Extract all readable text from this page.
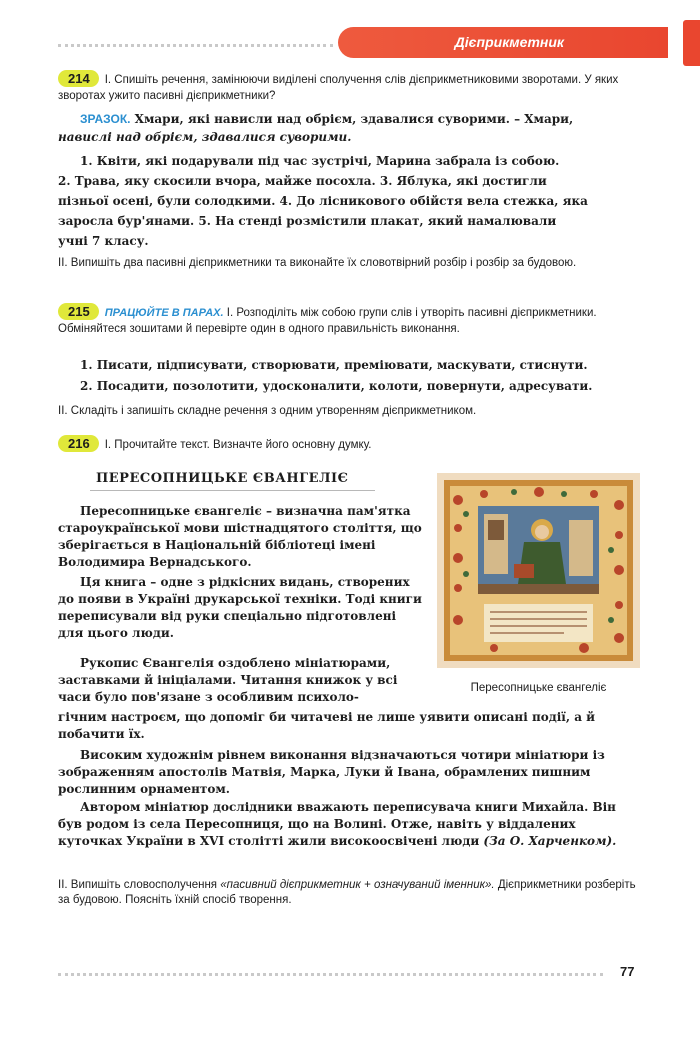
Дієприкметник
214 І. Спишіть речення, замінюючи виділені сполучення слів дієприкметниковими зворотами. У яких зворотах ужито пасивні дієприкметники?
ЗРАЗОК. Хмари, які нависли над обрієм, здавалися суворими. – Хмари,
навислі над обрієм, здавалися суворими.
1. Квіти, які подарували під час зустрічі, Марина забрала із собою.
2. Трава, яку скосили вчора, майже посохла. 3. Яблука, які достигли
пізньої осені, були солодкими. 4. До лісникового обійстя вела стежка, яка
заросла бур'янами. 5. На стенді розмістили плакат, який намалювали
учні 7 класу.
ІІ. Випишіть два пасивні дієприкметники та виконайте їх словотвірний розбір і розбір за будовою.
215 ПРАЦЮЙТЕ В ПАРАХ. І. Розподіліть між собою групи слів і утворіть пасивні дієприкметники. Обміняйтеся зошитами й перевірте один в одного правильність виконання.
1. Писати, підписувати, створювати, преміювати, маскувати, стиснути.
2. Посадити, позолотити, удосконалити, колоти, повернути, адресувати.
ІІ. Складіть і запишіть складне речення з одним утворенням дієприкметником.
216 І. Прочитайте текст. Визначте його основну думку.
ПЕРЕСОПНИЦЬКЕ ЄВАНГЕЛІЄ
Пересопницьке євангеліє – визначна пам'ятка староукраїнської мови шістнадцятого століття, що зберігається в Національній бібліотеці імені Володимира Вернадського.
Ця книга – одне з рідкісних видань, створених до появи в Україні друкарської техніки. Тоді книги переписували від руки спеціально підготовлені для цього люди.
Рукопис Євангелія оздоблено мініатюрами, заставками й ініціалами. Читання книжок у всі часи було пов'язане з особливим психоло-
гічним настроєм, що допоміг би читачеві не лише уявити описані події, а й побачити їх.
Високим художнім рівнем виконання відзначаються чотири мініатюри із зображенням апостолів Матвія, Марка, Луки й Івана, обрамлених пишним рослинним орнаментом.
Автором мініатюр дослідники вважають переписувача книги Михайла. Він був родом із села Пересопниця, що на Волині. Отже, навіть у віддалених куточках України в XVI столітті жили високоосвічені люди (За О. Харченком).
ІІ. Випишіть словосполучення «пасивний дієприкметник + означуваний іменник». Дієприкметники розберіть за будовою. Поясніть їхній спосіб творення.
Пересопницьке євангеліє
77
